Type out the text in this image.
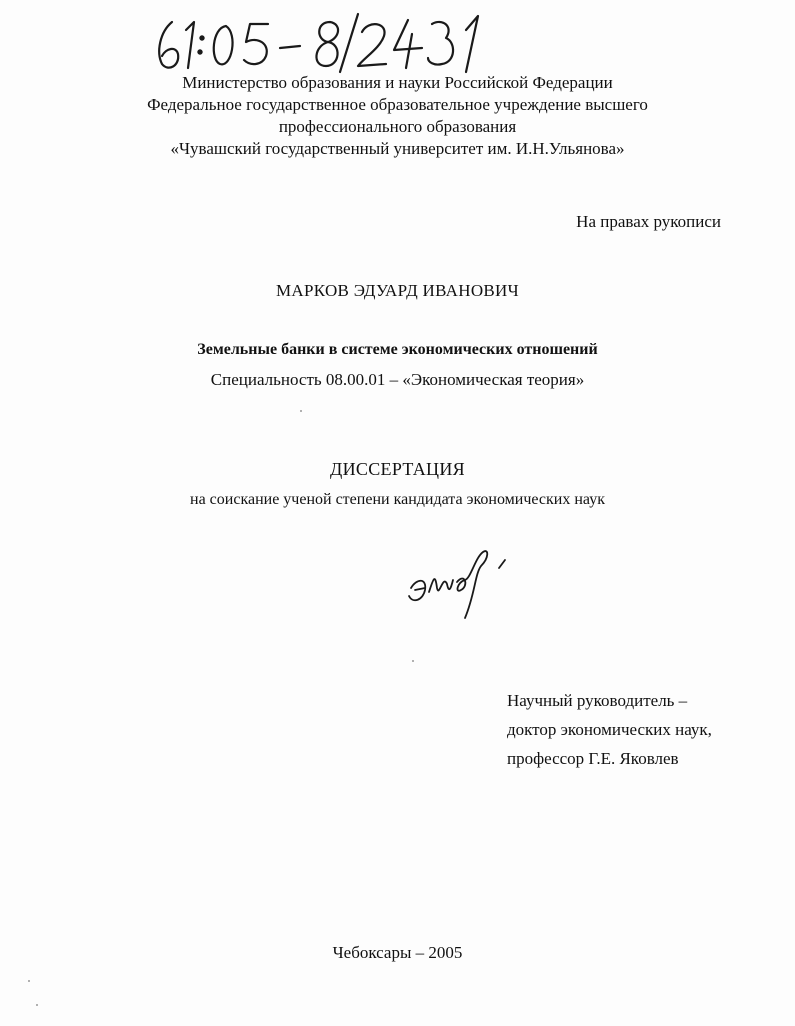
Министерство образования и науки Российской Федерации
Федеральное государственное образовательное учреждение высшего
профессионального образования
«Чувашский государственный университет им. И.Н.Ульянова»
На правах рукописи
МАРКОВ ЭДУАРД ИВАНОВИЧ
Земельные банки в системе экономических отношений
Специальность 08.00.01 – «Экономическая теория»
ДИССЕРТАЦИЯ
на соискание ученой степени кандидата экономических наук
Научный руководитель –
доктор экономических наук,
профессор Г.Е. Яковлев
Чебоксары – 2005
